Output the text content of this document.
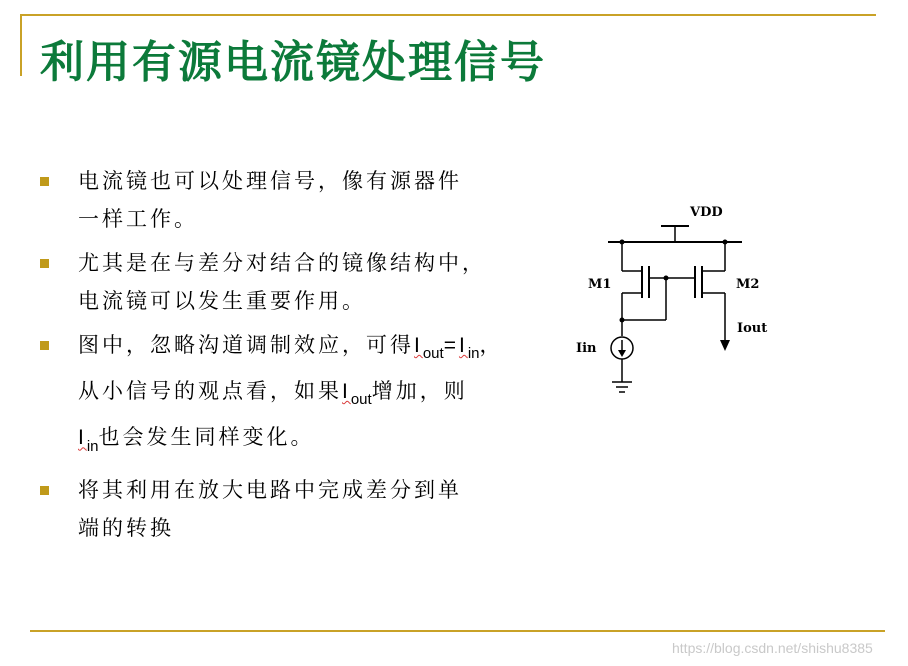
利用有源电流镜处理信号
电流镜也可以处理信号，像有源器件
一样工作。
尤其是在与差分对结合的镜像结构中，
电流镜可以发生重要作用。
图中，忽略沟道调制效应，可得$I_{out}=I_{in}$，
从小信号的观点看，如果$I_{out}$增加，则
$I_{in}$也会发生同样变化。
将其利用在放大电路中完成差分到单
端的转换
VDD
M1	M2
Iout
Iin
https://blog.csdn.net/shishu8385
